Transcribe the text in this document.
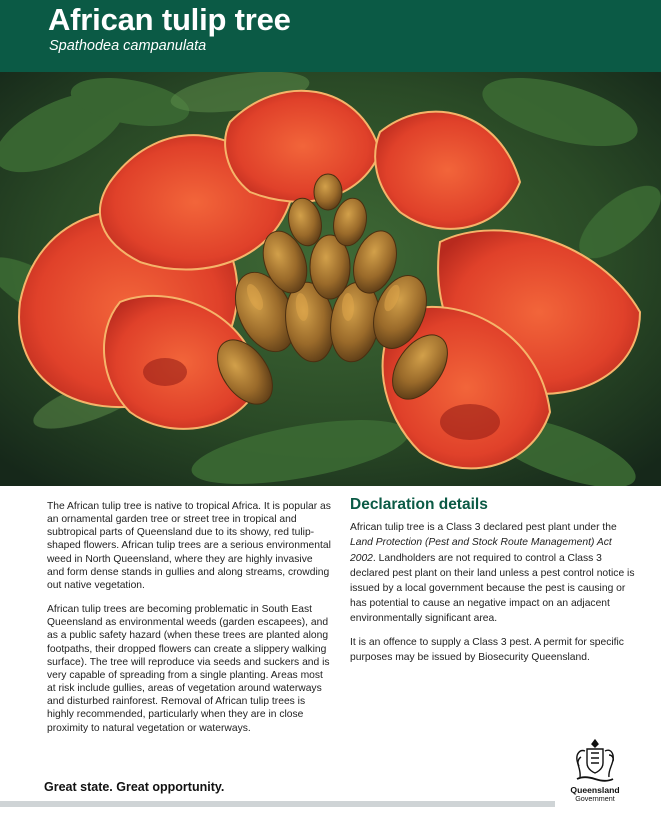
African tulip tree

Spathodea campanulata

The African tulip tree is native to tropical Africa. It is popular as an ornamental garden tree or street tree in tropical and subtropical parts of Queensland due to its showy, red tulip-shaped flowers. African tulip trees are a serious environmental weed in North Queensland, where they are highly invasive and form dense stands in gullies and along streams, crowding out native vegetation.

African tulip trees are becoming problematic in South East Queensland as environmental weeds (garden escapees), and as a public safety hazard (when these trees are planted along footpaths, their dropped flowers can create a slippery walking surface). The tree will reproduce via seeds and suckers and is very capable of spreading from a single planting. Areas most at risk include gullies, areas of vegetation around waterways and disturbed rainforest. Removal of African tulip trees is highly recommended, particularly when they are in close proximity to natural vegetation or waterways.

Declaration details

African tulip tree is a Class 3 declared pest plant under the Land Protection (Pest and Stock Route Management) Act 2002. Landholders are not required to control a Class 3 declared pest plant on their land unless a pest control notice is issued by a local government because the pest is causing or has potential to cause an negative impact on an adjacent environmentally significant area.

It is an offence to supply a Class 3 pest. A permit for specific purposes may be issued by Biosecurity Queensland.

Great state. Great opportunity.	Queensland
Government
